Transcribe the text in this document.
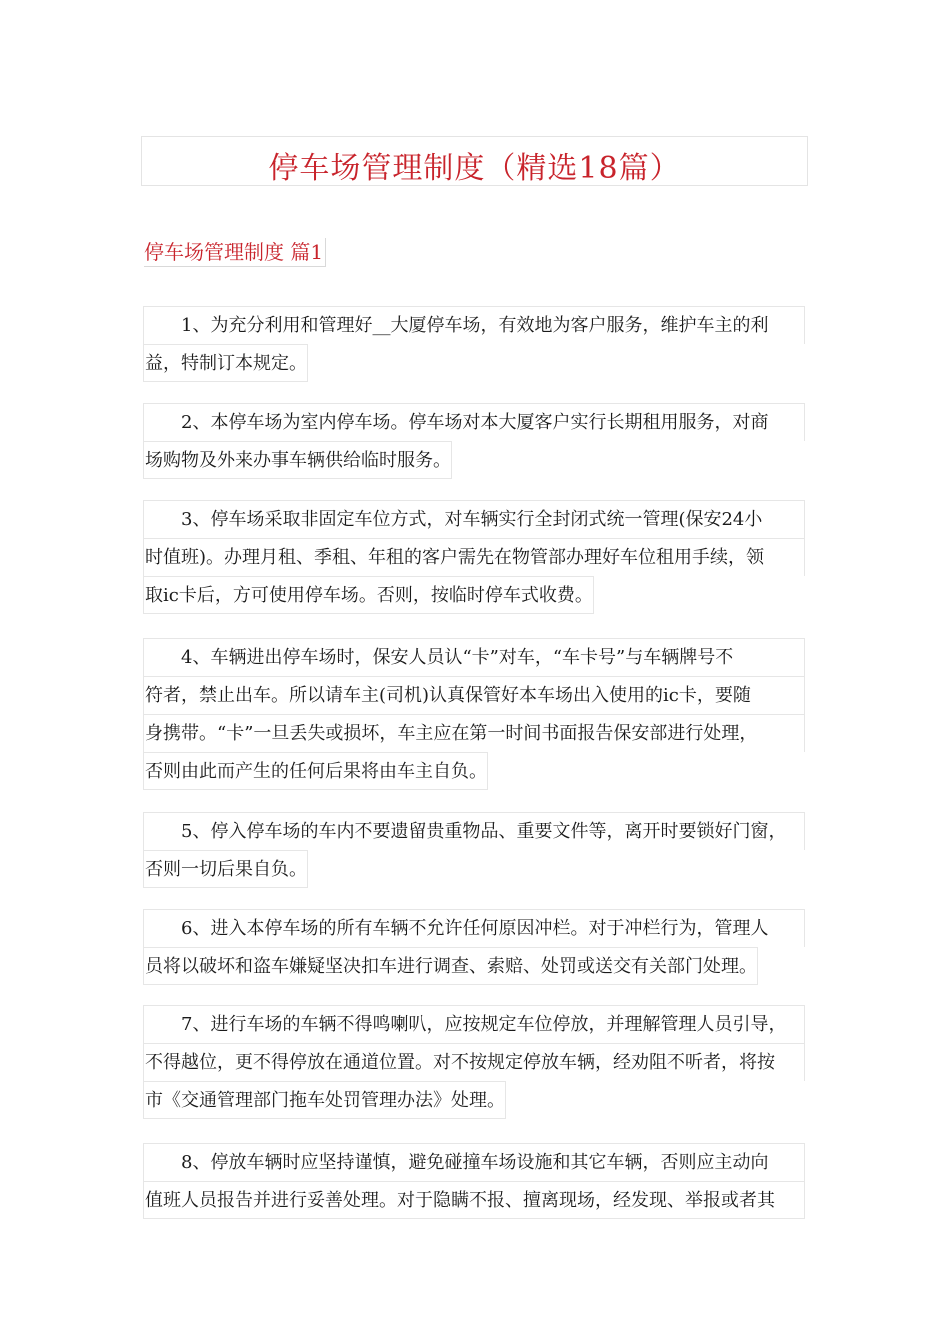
停车场管理制度（精选18篇）
停车场管理制度 篇1
1、为充分利用和管理好__大厦停车场，有效地为客户服务，维护车主的利
益，特制订本规定。
2、本停车场为室内停车场。停车场对本大厦客户实行长期租用服务，对商
场购物及外来办事车辆供给临时服务。
3、停车场采取非固定车位方式，对车辆实行全封闭式统一管理(保安24小
时值班)。办理月租、季租、年租的客户需先在物管部办理好车位租用手续，领
取ic卡后，方可使用停车场。否则，按临时停车式收费。
4、车辆进出停车场时，保安人员认“卡”对车，“车卡号”与车辆牌号不
符者，禁止出车。所以请车主(司机)认真保管好本车场出入使用的ic卡，要随
身携带。“卡”一旦丢失或损坏，车主应在第一时间书面报告保安部进行处理，
否则由此而产生的任何后果将由车主自负。
5、停入停车场的车内不要遗留贵重物品、重要文件等，离开时要锁好门窗，
否则一切后果自负。
6、进入本停车场的所有车辆不允许任何原因冲栏。对于冲栏行为，管理人
员将以破坏和盗车嫌疑坚决扣车进行调查、索赔、处罚或送交有关部门处理。
7、进行车场的车辆不得鸣喇叭，应按规定车位停放，并理解管理人员引导，
不得越位，更不得停放在通道位置。对不按规定停放车辆，经劝阻不听者，将按
市《交通管理部门拖车处罚管理办法》处理。
8、停放车辆时应坚持谨慎，避免碰撞车场设施和其它车辆，否则应主动向
值班人员报告并进行妥善处理。对于隐瞒不报、擅离现场，经发现、举报或者其
